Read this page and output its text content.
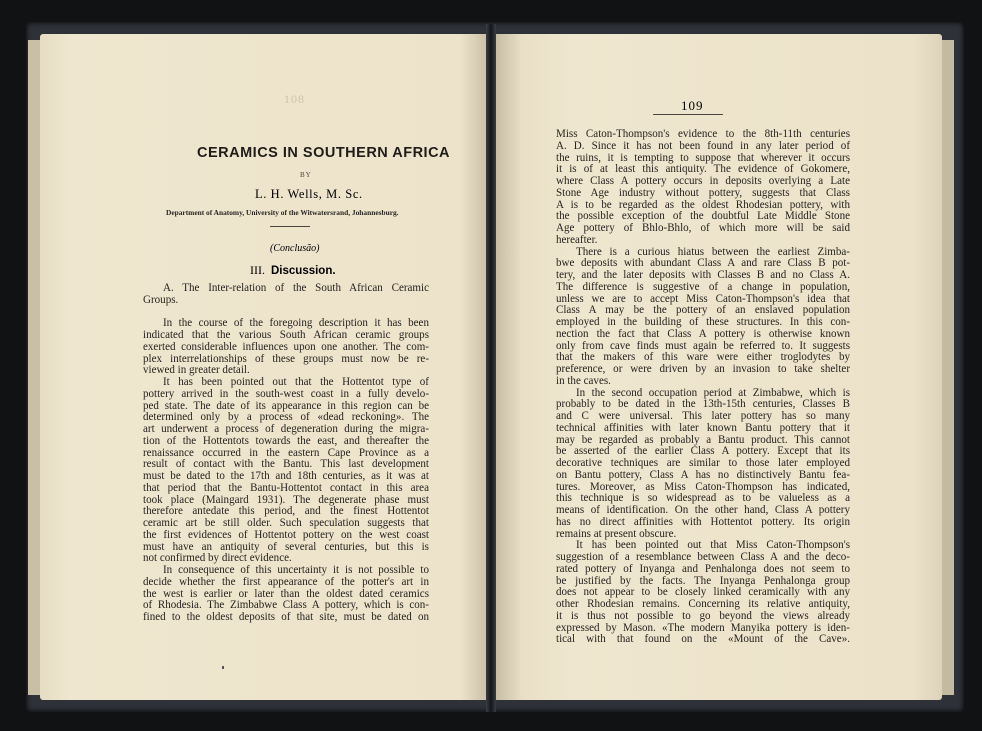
108
CERAMICS IN SOUTHERN AFRICA
BY
L. H. Wells, M. Sc.
Department of Anatomy, University of the Witwatersrand, Johannesburg.
(Conclusão)
III. Discussion.
A. The Inter-relation of the South African Ceramic
Groups.
In the course of the foregoing description it has been
indicated that the various South African ceramic groups
exerted considerable influences upon one another. The com-
plex interrelationships of these groups must now be re-
viewed in greater detail.
It has been pointed out that the Hottentot type of
pottery arrived in the south-west coast in a fully develo-
ped state. The date of its appearance in this region can be
determined only by a process of «dead reckoning». The
art underwent a process of degeneration during the migra-
tion of the Hottentots towards the east, and thereafter the
renaissance occurred in the eastern Cape Province as a
result of contact with the Bantu. This last development
must be dated to the 17th and 18th centuries, as it was at
that period that the Bantu-Hottentot contact in this area
took place (Maingard 1931). The degenerate phase must
therefore antedate this period, and the finest Hottentot
ceramic art be still older. Such speculation suggests that
the first evidences of Hottentot pottery on the west coast
must have an antiquity of several centuries, but this is
not confirmed by direct evidence.
In consequence of this uncertainty it is not possible to
decide whether the first appearance of the potter's art in
the west is earlier or later than the oldest dated ceramics
of Rhodesia. The Zimbabwe Class A pottery, which is con-
fined to the oldest deposits of that site, must be dated on
109
Miss Caton-Thompson's evidence to the 8th-11th centuries
A. D. Since it has not been found in any later period of
the ruins, it is tempting to suppose that wherever it occurs
it is of at least this antiquity. The evidence of Gokomere,
where Class A pottery occurs in deposits overlying a Late
Stone Age industry without pottery, suggests that Class
A is to be regarded as the oldest Rhodesian pottery, with
the possible exception of the doubtful Late Middle Stone
Age pottery of Bhlo-Bhlo, of which more will be said
hereafter.
There is a curious hiatus between the earliest Zimba-
bwe deposits with abundant Class A and rare Class B pot-
tery, and the later deposits with Classes B and no Class A.
The difference is suggestive of a change in population,
unless we are to accept Miss Caton-Thompson's idea that
Class A may be the pottery of an enslaved population
employed in the building of these structures. In this con-
nection the fact that Class A pottery is otherwise known
only from cave finds must again be referred to. It suggests
that the makers of this ware were either troglodytes by
preference, or were driven by an invasion to take shelter
in the caves.
In the second occupation period at Zimbabwe, which is
probably to be dated in the 13th-15th centuries, Classes B
and C were universal. This later pottery has so many
technical affinities with later known Bantu pottery that it
may be regarded as probably a Bantu product. This cannot
be asserted of the earlier Class A pottery. Except that its
decorative techniques are similar to those later employed
on Bantu pottery, Class A has no distinctively Bantu fea-
tures. Moreover, as Miss Caton-Thompson has indicated,
this technique is so widespread as to be valueless as a
means of identification. On the other hand, Class A pottery
has no direct affinities with Hottentot pottery. Its origin
remains at present obscure.
It has been pointed out that Miss Caton-Thompson's
suggestion of a resemblance between Class A and the deco-
rated pottery of Inyanga and Penhalonga does not seem to
be justified by the facts. The Inyanga Penhalonga group
does not appear to be closely linked ceramically with any
other Rhodesian remains. Concerning its relative antiquity,
it is thus not possible to go beyond the views already
expressed by Mason. «The modern Manyika pottery is iden-
tical with that found on the «Mount of the Cave».
